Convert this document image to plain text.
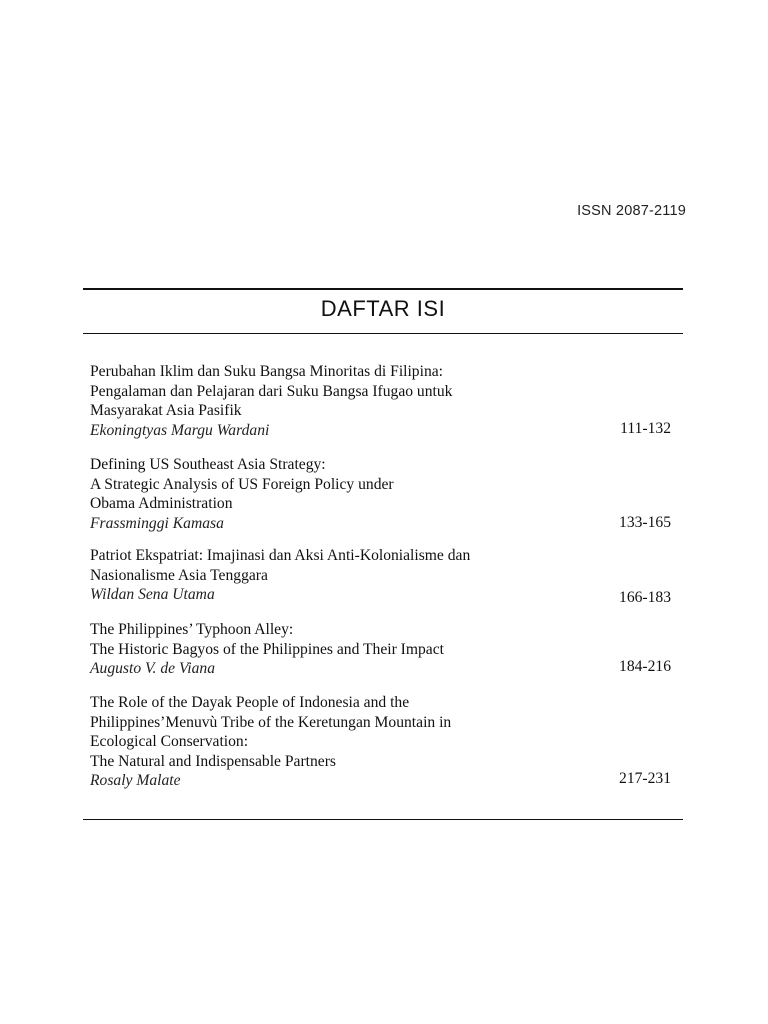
ISSN 2087-2119
DAFTAR ISI
Perubahan Iklim dan Suku Bangsa Minoritas di Filipina:
Pengalaman dan Pelajaran dari Suku Bangsa Ifugao untuk
Masyarakat Asia Pasifik
Ekoningtyas Margu Wardani	111-132
Defining US Southeast Asia Strategy:
A Strategic Analysis of US Foreign Policy under
Obama Administration
Frassminggi Kamasa	133-165
Patriot Ekspatriat: Imajinasi dan Aksi Anti-Kolonialisme dan
Nasionalisme Asia Tenggara
Wildan Sena Utama	166-183
The Philippines’ Typhoon Alley:
The Historic Bagyos of the Philippines and Their Impact
Augusto V. de Viana	184-216
The Role of the Dayak People of Indonesia and the
Philippines’Menuvù Tribe of the Keretungan Mountain in
Ecological Conservation:
The Natural and Indispensable Partners
Rosaly Malate	217-231
